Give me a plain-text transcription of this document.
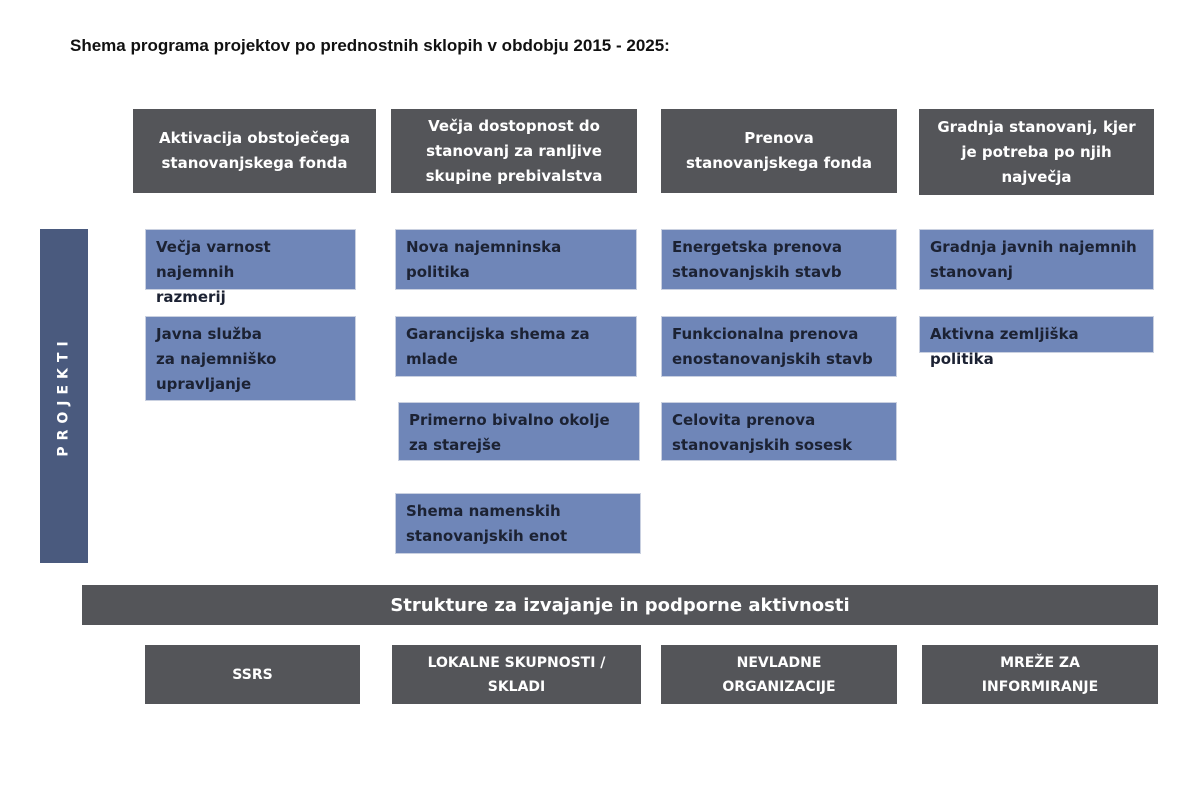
Shema programa projektov po prednostnih sklopih v obdobju 2015 - 2025:
Aktivacija obstoječega stanovanjskega fonda
Večja dostopnost do stanovanj za ranljive skupine prebivalstva
Prenova stanovanjskega fonda
Gradnja stanovanj, kjer je potreba po njih največja
PROJEKTI
Večja varnost najemnih razmerij
Javna služba za najemniško upravljanje
Nova najemninska politika
Garancijska shema za mlade
Primerno bivalno okolje za starejše
Shema namenskih stanovanjskih enot
Energetska prenova stanovanjskih stavb
Funkcionalna prenova enostanovanjskih stavb
Celovita prenova stanovanjskih sosesk
Gradnja javnih najemnih stanovanj
Aktivna zemljiška politika
Strukture za izvajanje in podporne aktivnosti
SSRS
LOKALNE SKUPNOSTI / SKLADI
NEVLADNE ORGANIZACIJE
MREŽE ZA INFORMIRANJE
